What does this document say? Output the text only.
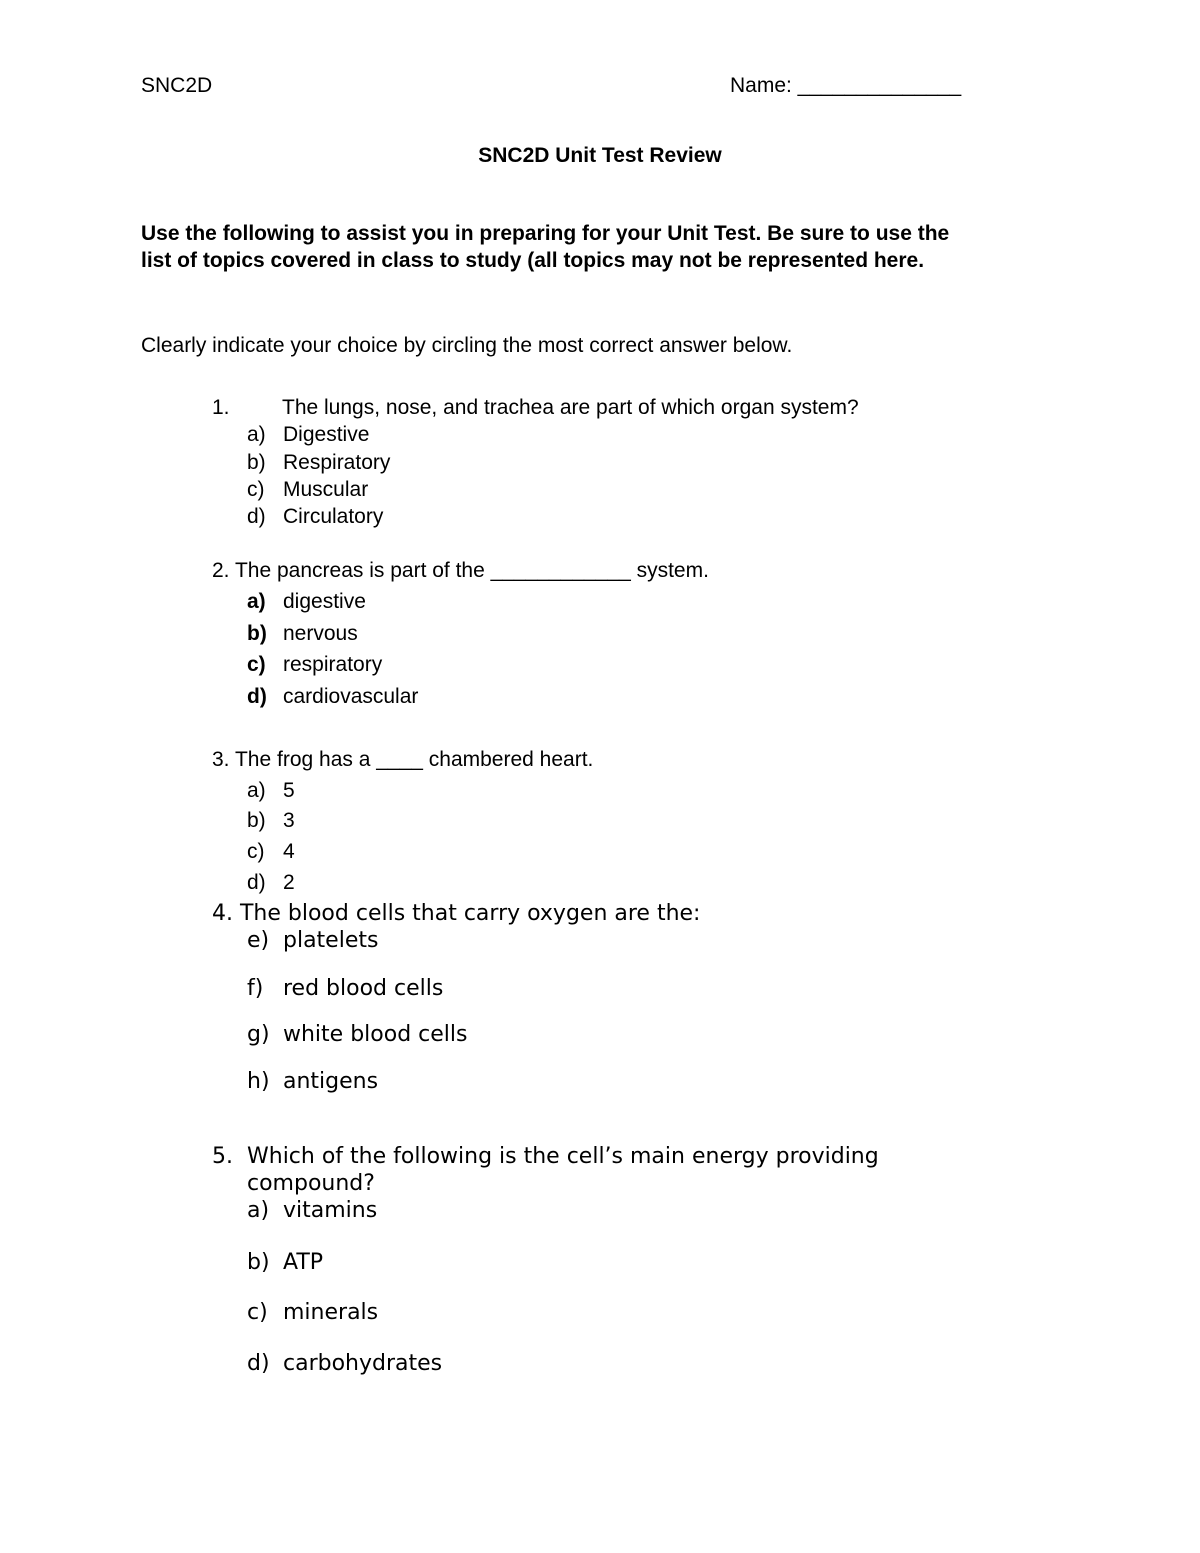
SNC2D	Name: ______________
SNC2D Unit Test Review
Use the following to assist you in preparing for your Unit Test. Be sure to use the
list of topics covered in class to study (all topics may not be represented here.
Clearly indicate your choice by circling the most correct answer below.
1. The lungs, nose, and trachea are part of which organ system?
a) Digestive
b) Respiratory
c) Muscular
d) Circulatory
2. The pancreas is part of the ____________ system.
a) digestive
b) nervous
c) respiratory
d) cardiovascular
3. The frog has a ____ chambered heart.
a) 5
b) 3
c) 4
d) 2
4. The blood cells that carry oxygen are the:
e) platelets
f) red blood cells
g) white blood cells
h) antigens
5. Which of the following is the cell’s main energy providing
compound?
a) vitamins
b) ATP
c) minerals
d) carbohydrates
